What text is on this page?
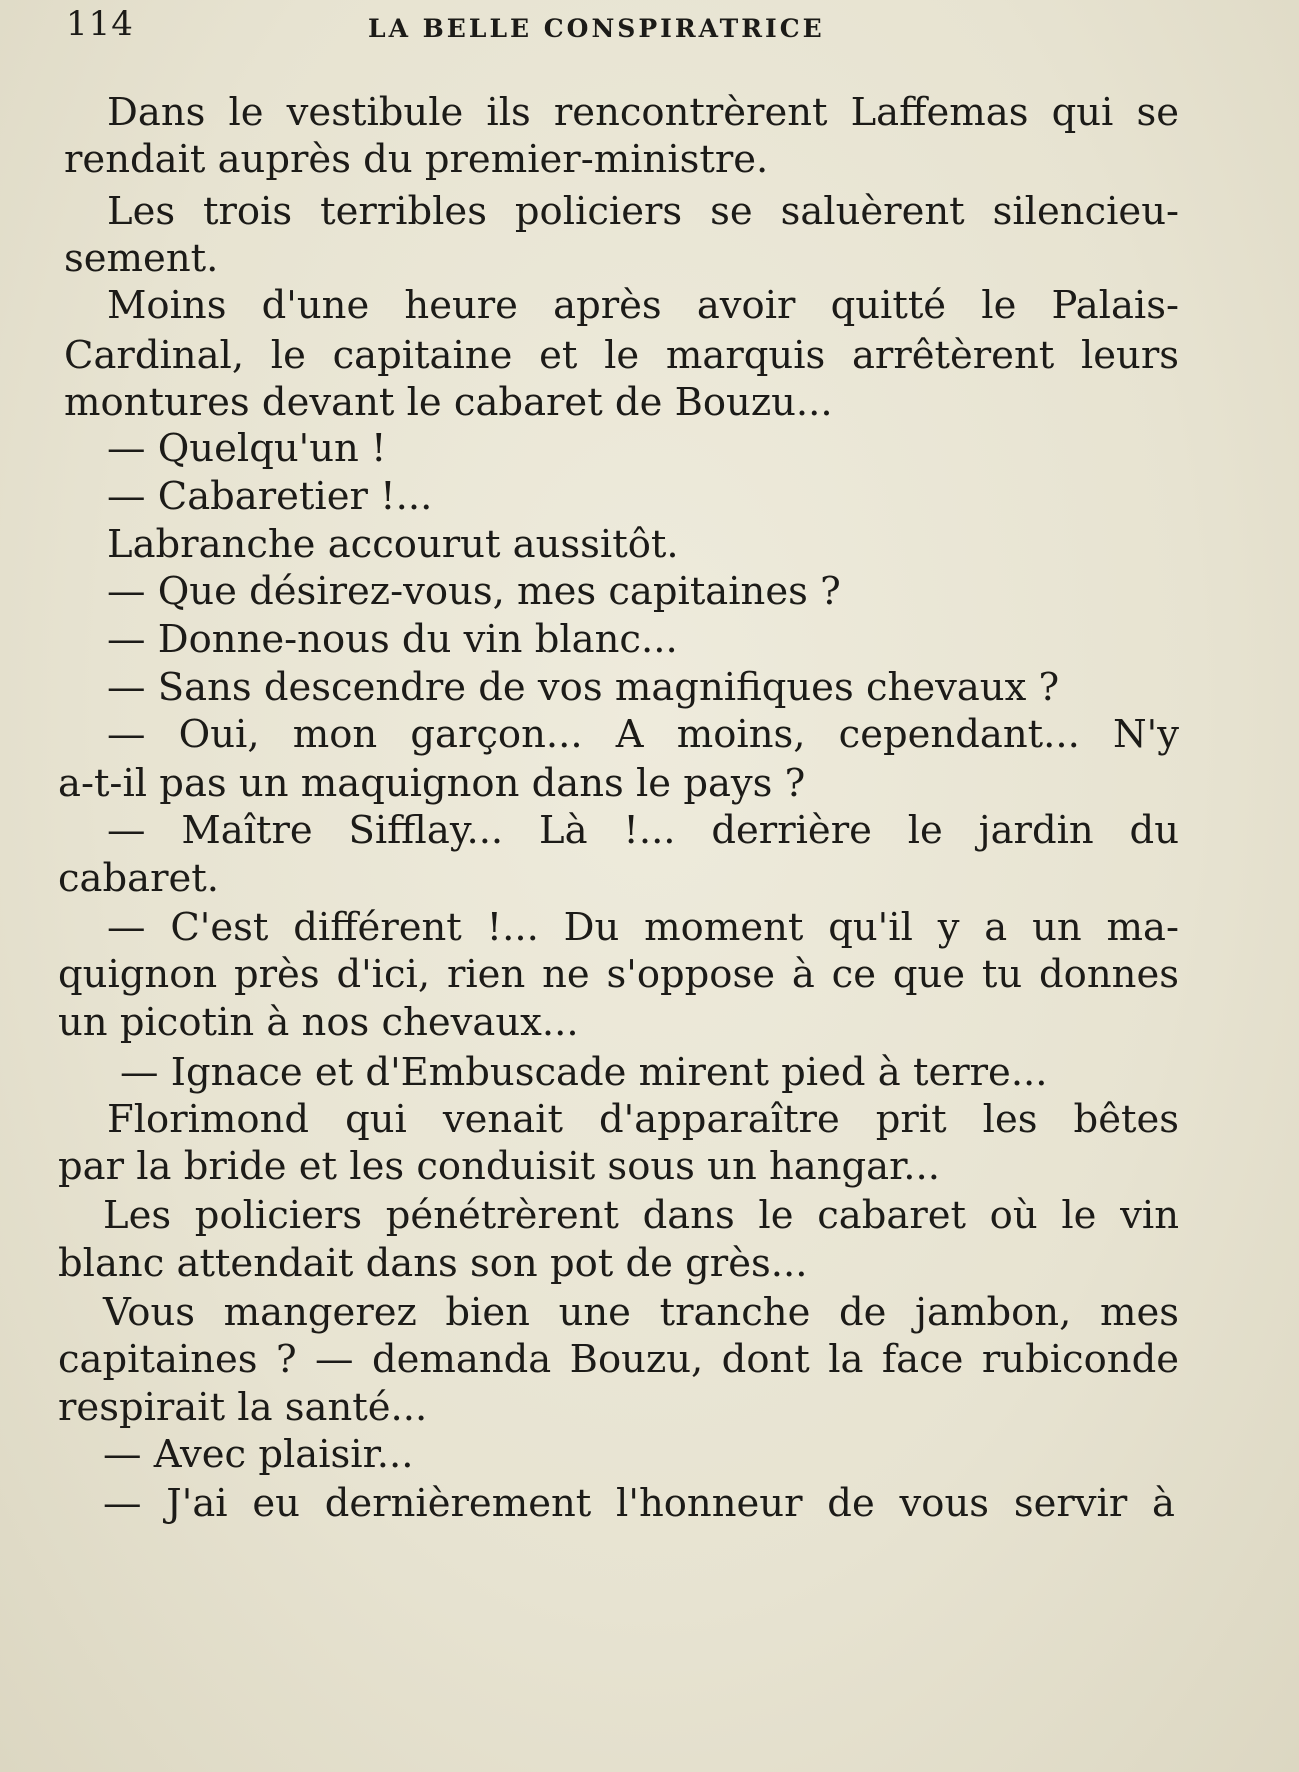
114	LA BELLE CONSPIRATRICE
Dans le vestibule ils rencontrèrent Laffemas qui se
rendait auprès du premier-ministre.
Les trois terribles policiers se saluèrent silencieu-
sement.
Moins d'une heure après avoir quitté le Palais-
Cardinal, le capitaine et le marquis arrêtèrent leurs
montures devant le cabaret de Bouzu...
— Quelqu'un !
— Cabaretier !...
Labranche accourut aussitôt.
— Que désirez-vous, mes capitaines ?
— Donne-nous du vin blanc...
— Sans descendre de vos magnifiques chevaux ?
— Oui, mon garçon... A moins, cependant... N'y
a-t-il pas un maquignon dans le pays ?
— Maître Sifflay... Là !... derrière le jardin du
cabaret.
— C'est différent !... Du moment qu'il y a un ma-
quignon près d'ici, rien ne s'oppose à ce que tu donnes
un picotin à nos chevaux...
— Ignace et d'Embuscade mirent pied à terre...
Florimond qui venait d'apparaître prit les bêtes
par la bride et les conduisit sous un hangar...
Les policiers pénétrèrent dans le cabaret où le vin
blanc attendait dans son pot de grès...
Vous mangerez bien une tranche de jambon, mes
capitaines ? — demanda Bouzu, dont la face rubiconde
respirait la santé...
— Avec plaisir...
— J'ai eu dernièrement l'honneur de vous servir à
